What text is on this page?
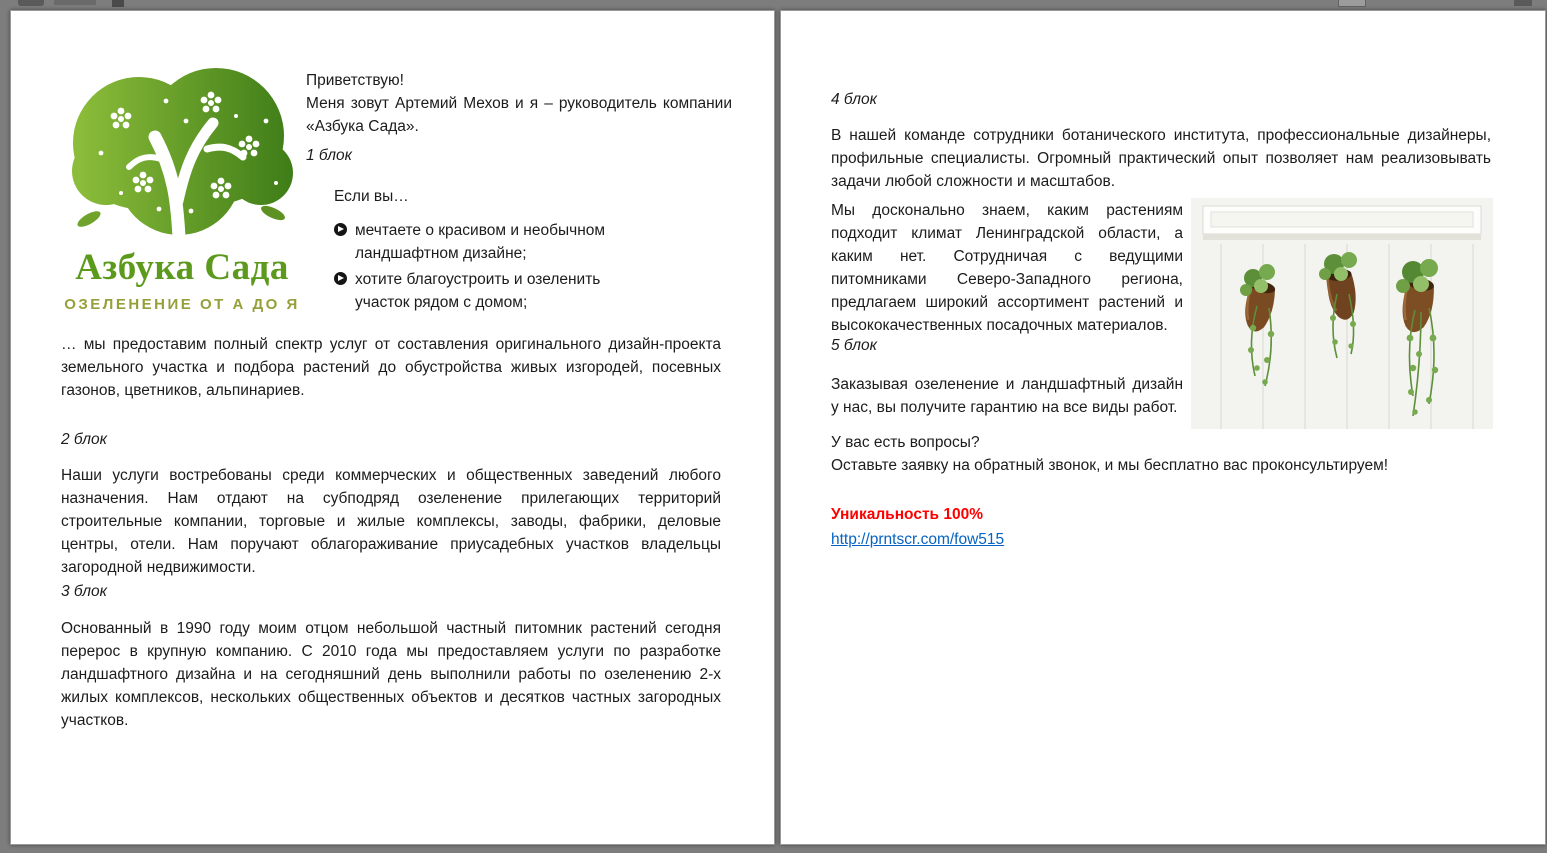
Азбука Сада
ОЗЕЛЕНЕНИЕ ОТ А ДО Я
Приветствую!
Меня зовут Артемий Мехов и я – руководитель компании «Азбука Сада».
1 блок
Если вы…
мечтаете о красивом и необычном ландшафтном дизайне;
хотите благоустроить и озеленить участок рядом с домом;

… мы предоставим полный спектр услуг от составления оригинального дизайн-проекта земельного участка и подбора растений до обустройства живых изгородей, посевных газонов, цветников, альпинариев.

2 блок

Наши услуги востребованы среди коммерческих и общественных заведений любого назначения. Нам отдают на субподряд озеленение прилегающих территорий строительные компании, торговые и жилые комплексы, заводы, фабрики, деловые центры, отели. Нам поручают облагораживание приусадебных участков владельцы загородной недвижимости.

3 блок

Основанный в 1990 году моим отцом небольшой частный питомник растений сегодня перерос в крупную компанию. С 2010 года мы предоставляем услуги по разработке ландшафтного дизайна и на сегодняшний день выполнили работы по озеленению 2-х жилых комплексов, нескольких общественных объектов и десятков частных загородных участков.

4 блок

В нашей команде сотрудники ботанического института, профессиональные дизайнеры, профильные специалисты. Огромный практический опыт позволяет нам реализовывать задачи любой сложности и масштабов.

Мы досконально знаем, каким растениям подходит климат Ленинградской области, а каким нет. Сотрудничая с ведущими питомниками Северо-Западного региона, предлагаем широкий ассортимент растений и высококачественных посадочных материалов.

5 блок

Заказывая озеленение и ландшафтный дизайн у нас, вы получите гарантию на все виды работ.

У вас есть вопросы?
Оставьте заявку на обратный звонок, и мы бесплатно вас проконсультируем!
Уникальность 100%
http://prntscr.com/fow515
